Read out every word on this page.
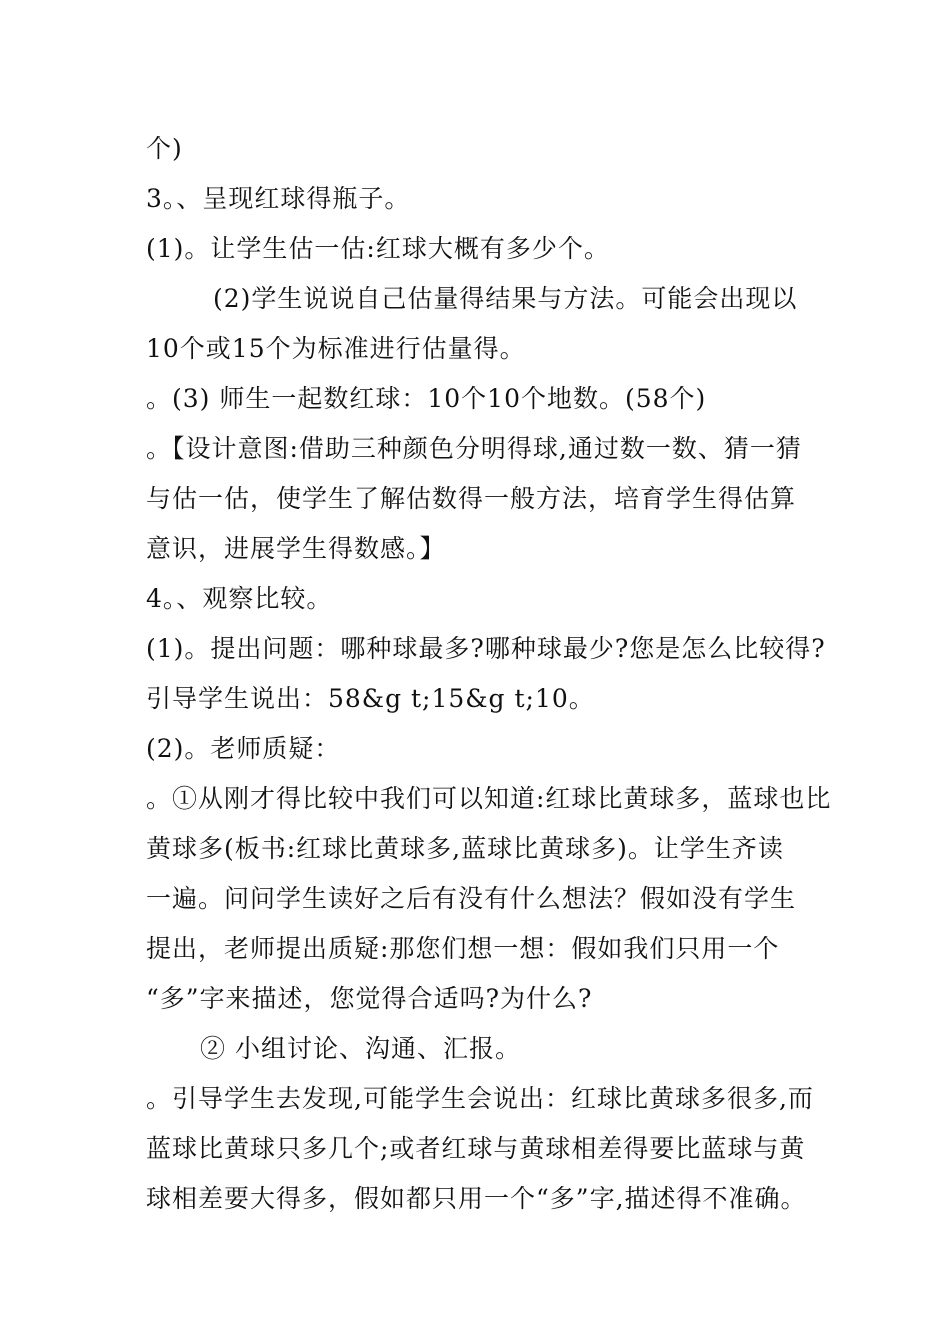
个)
3。、呈现红球得瓶子。
(1)。让学生估一估:红球大概有多少个。
(2)学生说说自己估量得结果与方法。可能会出现以
10个或15个为标准进行估量得。
。(3) 师生一起数红球：10个10个地数。(58个)
。【设计意图:借助三种颜色分明得球,通过数一数、猜一猜
与估一估，使学生了解估数得一般方法，培育学生得估算
意识，进展学生得数感。】
4。、观察比较。
(1)。提出问题：哪种球最多?哪种球最少?您是怎么比较得?
引导学生说出：58&g t;15&g t;10。
(2)。老师质疑：
。①从刚才得比较中我们可以知道:红球比黄球多，蓝球也比
黄球多(板书:红球比黄球多,蓝球比黄球多)。让学生齐读
一遍。问问学生读好之后有没有什么想法？假如没有学生
提出，老师提出质疑:那您们想一想：假如我们只用一个
“多”字来描述，您觉得合适吗?为什么?
② 小组讨论、沟通、汇报。
。引导学生去发现,可能学生会说出：红球比黄球多很多,而
蓝球比黄球只多几个;或者红球与黄球相差得要比蓝球与黄
球相差要大得多，假如都只用一个“多”字,描述得不准确。
